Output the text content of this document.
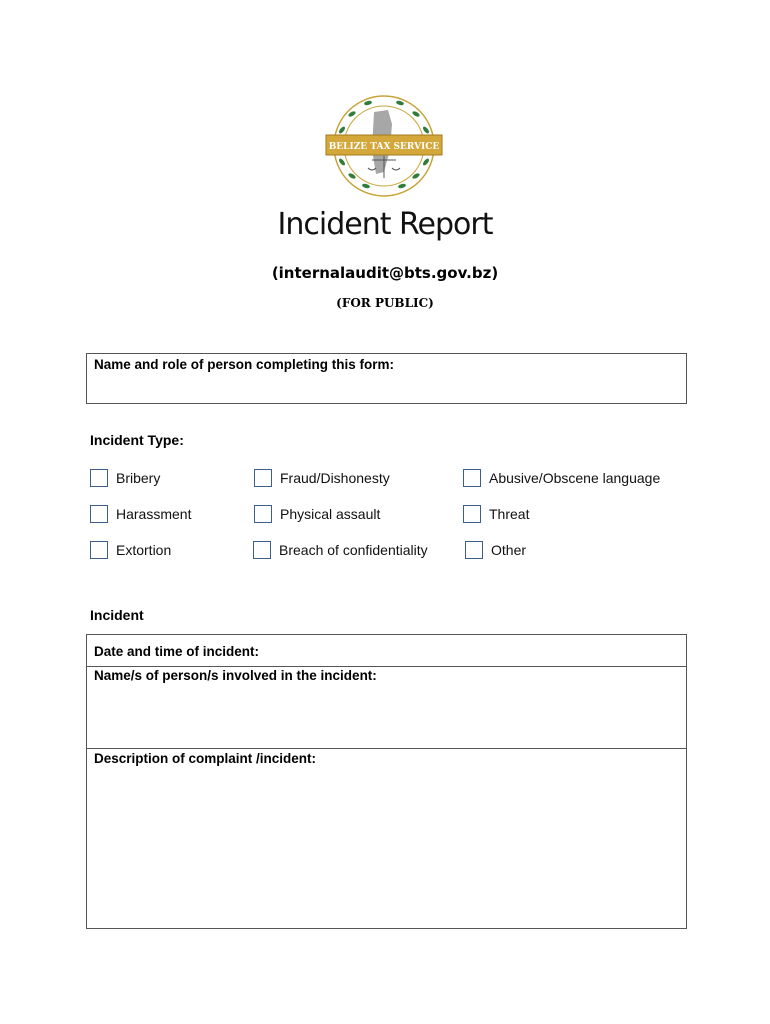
BELIZE TAX SERVICE
Incident Report
(internalaudit@bts.gov.bz)
(FOR PUBLIC)
Name and role of person completing this form:
Incident Type:
Bribery	Fraud/Dishonesty	Abusive/Obscene language
Harassment	Physical assault	Threat
Extortion	Breach of confidentiality	Other
Incident
Date and time of incident:
Name/s of person/s involved in the incident:
Description of complaint /incident:
